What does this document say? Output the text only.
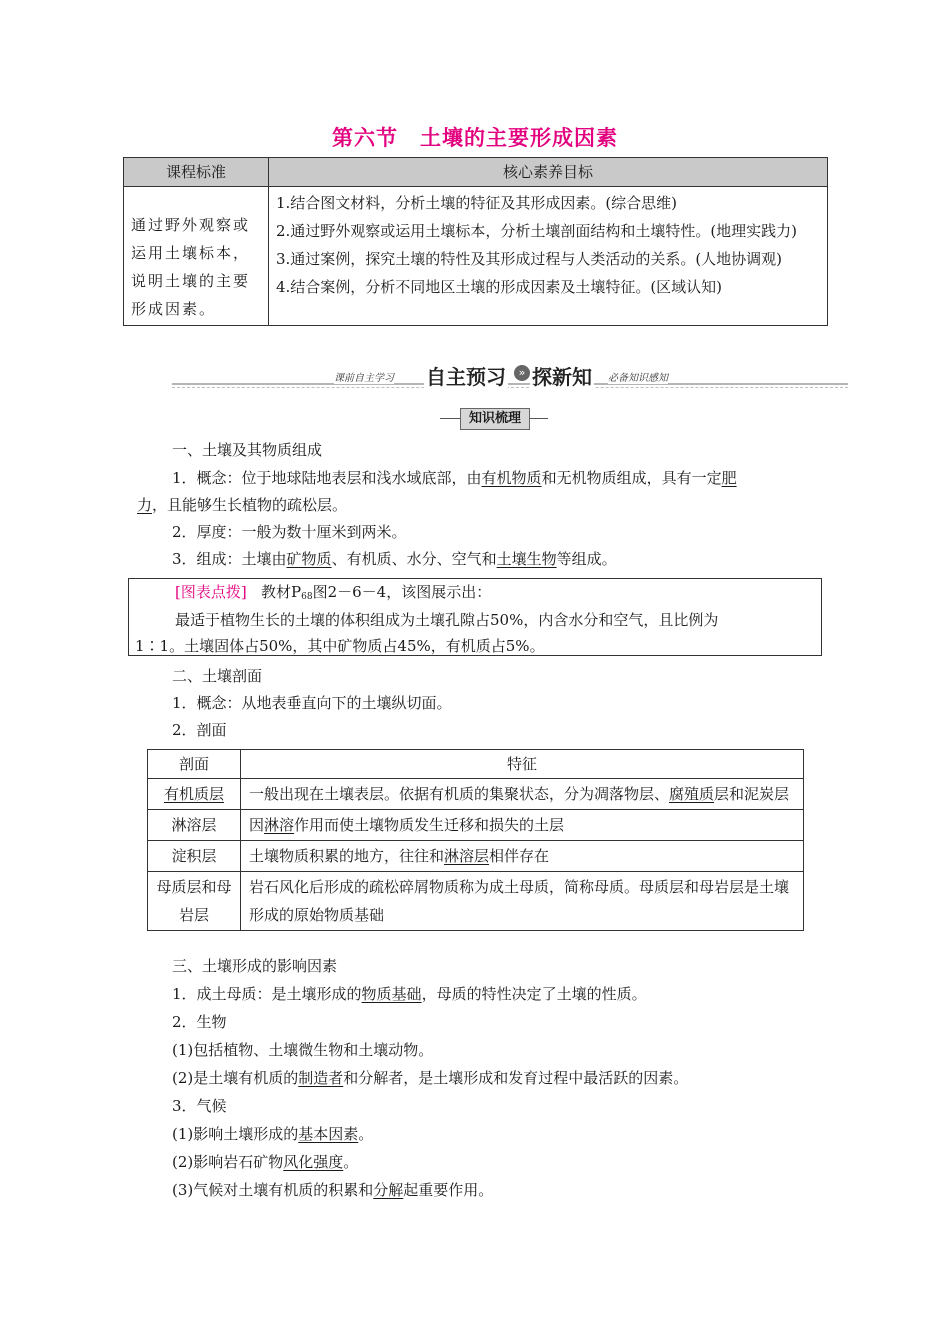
第六节 土壤的主要形成因素
课程标准	核心素养目标
通过野外观察或运用土壤标本，说明土壤的主要形成因素。	1.结合图文材料，分析土壤的特征及其形成因素。(综合思维)
2.通过野外观察或运用土壤标本，分析土壤剖面结构和土壤特性。(地理实践力)
3.通过案例，探究土壤的特性及其形成过程与人类活动的关系。(人地协调观)
4.结合案例，分析不同地区土壤的形成因素及土壤特征。(区域认知)
课前自主学习 自主预习	» 探新知 必备知识感知
知识梳理
一、土壤及其物质组成
1．概念：位于地球陆地表层和浅水域底部，由有机物质和无机物质组成，具有一定肥
力，且能够生长植物的疏松层。
2．厚度：一般为数十厘米到两米。
3．组成：土壤由矿物质、有机质、水分、空气和土壤生物等组成。
[图表点拨] 教材$P_{68}$图2－6－4，该图展示出：
最适于植物生长的土壤的体积组成为土壤孔隙占50%，内含水分和空气，且比例为
1∶1。土壤固体占50%，其中矿物质占45%，有机质占5%。
二、土壤剖面
1．概念：从地表垂直向下的土壤纵切面。
2．剖面
剖面	特征
有机质层	一般出现在土壤表层。依据有机质的集聚状态，分为凋落物层、腐殖质层和泥炭层
淋溶层	因淋溶作用而使土壤物质发生迁移和损失的土层
淀积层	土壤物质积累的地方，往往和淋溶层相伴存在
母质层和母岩层	岩石风化后形成的疏松碎屑物质称为成土母质，简称母质。母质层和母岩层是土壤形成的原始物质基础
三、土壤形成的影响因素
1．成土母质：是土壤形成的物质基础，母质的特性决定了土壤的性质。
2．生物
(1)包括植物、土壤微生物和土壤动物。
(2)是土壤有机质的制造者和分解者，是土壤形成和发育过程中最活跃的因素。
3．气候
(1)影响土壤形成的基本因素。
(2)影响岩石矿物风化强度。
(3)气候对土壤有机质的积累和分解起重要作用。
